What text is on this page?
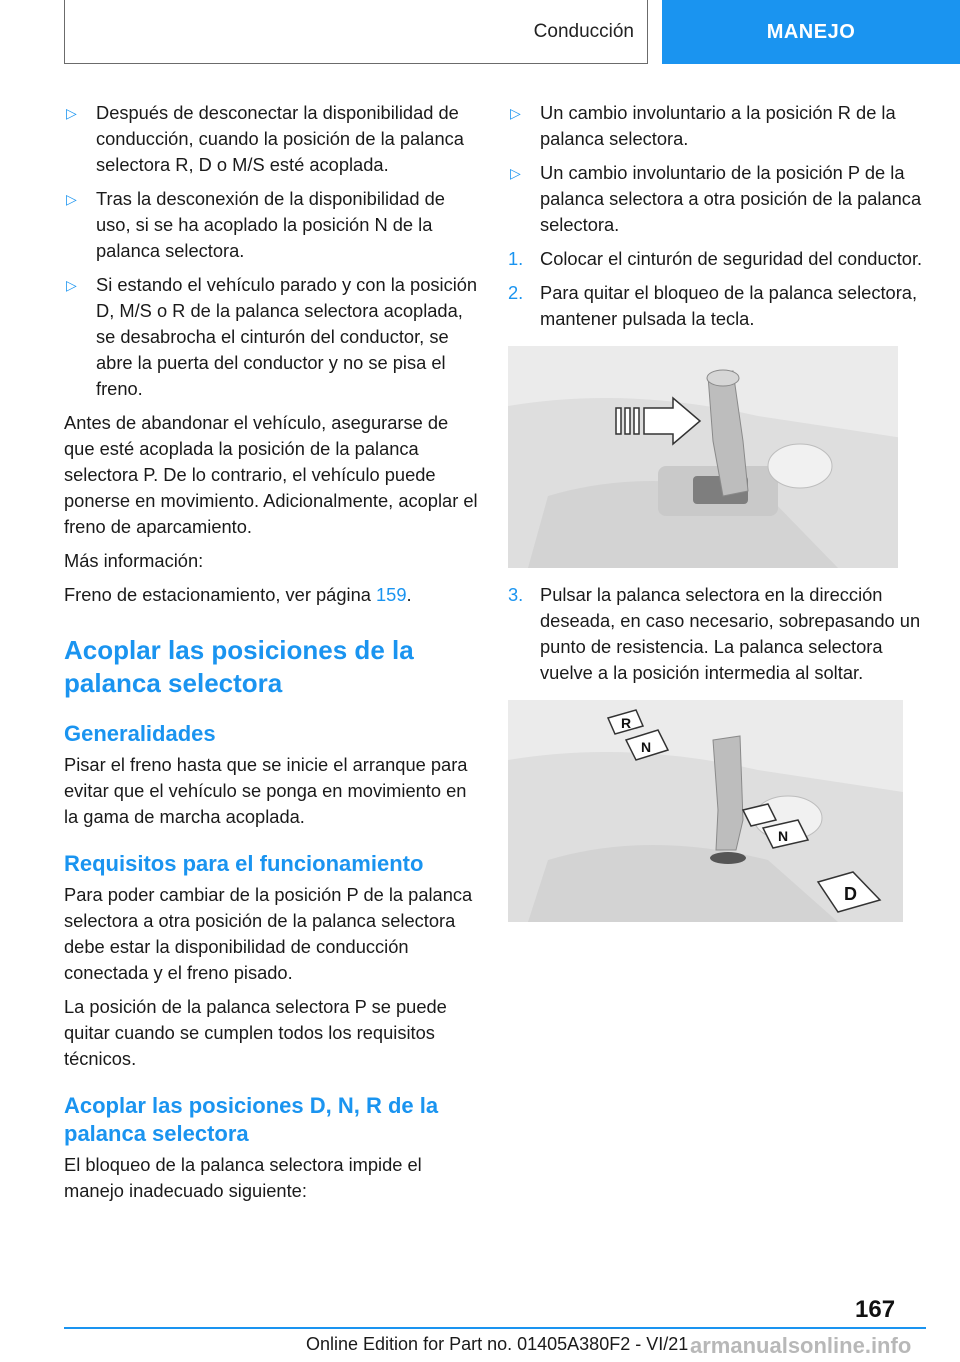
Conducción	MANEJO
▷	Después de desconectar la disponibilidad de conducción, cuando la posición de la palanca selectora R, D o M/S esté acoplada.
▷	Tras la desconexión de la disponibilidad de uso, si se ha acoplado la posición N de la palanca selectora.
▷	Si estando el vehículo parado y con la posición D, M/S o R de la palanca selectora acoplada, se desabrocha el cinturón del conductor, se abre la puerta del conductor y no se pisa el freno.

Antes de abandonar el vehículo, asegurarse de que esté acoplada la posición de la palanca selectora P. De lo contrario, el vehículo puede ponerse en movimiento. Adicionalmente, acoplar el freno de aparcamiento.

Más información:

Freno de estacionamiento, ver página 159.

Acoplar las posiciones de la palanca selectora
Generalidades

Pisar el freno hasta que se inicie el arranque para evitar que el vehículo se ponga en movimiento en la gama de marcha acoplada.

Requisitos para el funcionamiento

Para poder cambiar de la posición P de la palanca selectora a otra posición de la palanca selectora debe estar la disponibilidad de conducción conectada y el freno pisado.

La posición de la palanca selectora P se puede quitar cuando se cumplen todos los requisitos técnicos.

Acoplar las posiciones D, N, R de la palanca selectora

El bloqueo de la palanca selectora impide el manejo inadecuado siguiente:

▷	Un cambio involuntario a la posición R de la palanca selectora.
▷	Un cambio involuntario de la posición P de la palanca selectora a otra posición de la palanca selectora.
1. Colocar el cinturón de seguridad del conductor.
2. Para quitar el bloqueo de la palanca selectora, mantener pulsada la tecla.
3. Pulsar la palanca selectora en la dirección deseada, en caso necesario, sobrepasando un punto de resistencia. La palanca selectora vuelve a la posición intermedia al soltar.
R
N
N
D
167
Online Edition for Part no. 01405A380F2 - VI/21 armanualsonline.info
